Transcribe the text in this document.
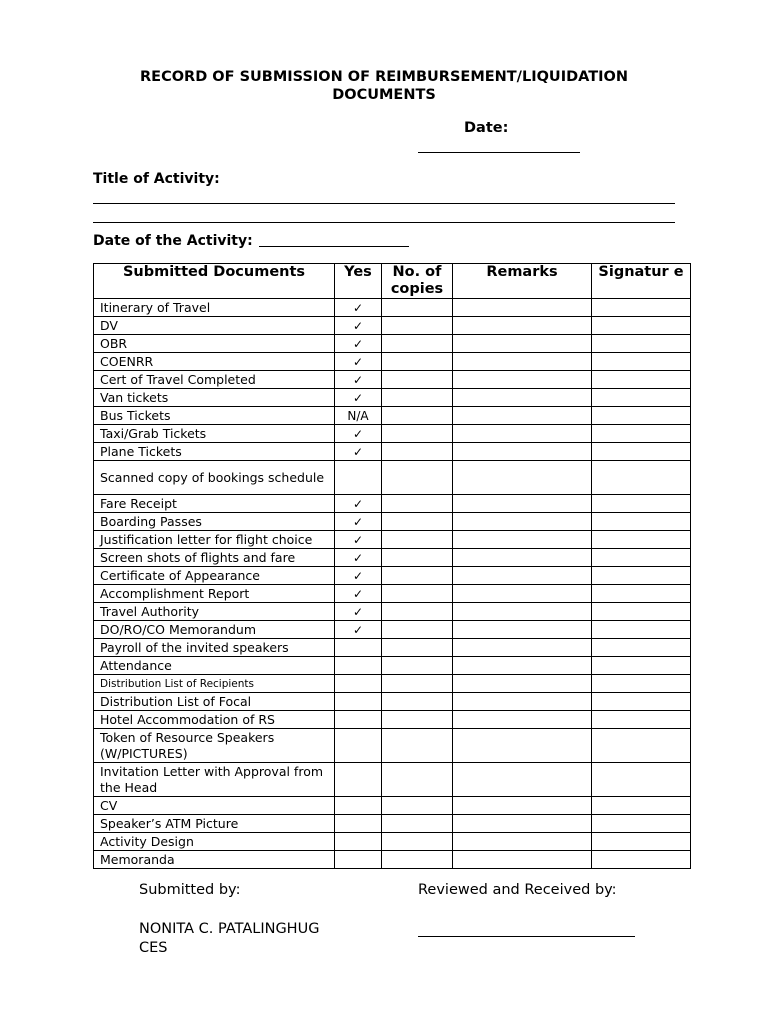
RECORD OF SUBMISSION OF REIMBURSEMENT/LIQUIDATION
DOCUMENTS
Date:
Title of Activity:
Date of the Activity:
Submitted Documents	Yes	No. of copies	Remarks	Signatur e
Itinerary of Travel	✓			
DV	✓			
OBR	✓			
COENRR	✓			
Cert of Travel Completed	✓			
Van tickets	✓			
Bus Tickets	N/A			
Taxi/Grab Tickets	✓			
Plane Tickets	✓			
Scanned copy of bookings schedule				
Fare Receipt	✓			
Boarding Passes	✓			
Justification letter for flight choice	✓			
Screen shots of flights and fare	✓			
Certificate of Appearance	✓			
Accomplishment Report	✓			
Travel Authority	✓			
DO/RO/CO Memorandum	✓			
Payroll of the invited speakers				
Attendance				
Distribution List of Recipients				
Distribution List of Focal				
Hotel Accommodation of RS				
Token of Resource Speakers (W/PICTURES)				
Invitation Letter with Approval from the Head				
CV				
Speaker’s ATM Picture				
Activity Design				
Memoranda				
Submitted by:	Reviewed and Received by:
NONITA C. PATALINGHUG
CES
